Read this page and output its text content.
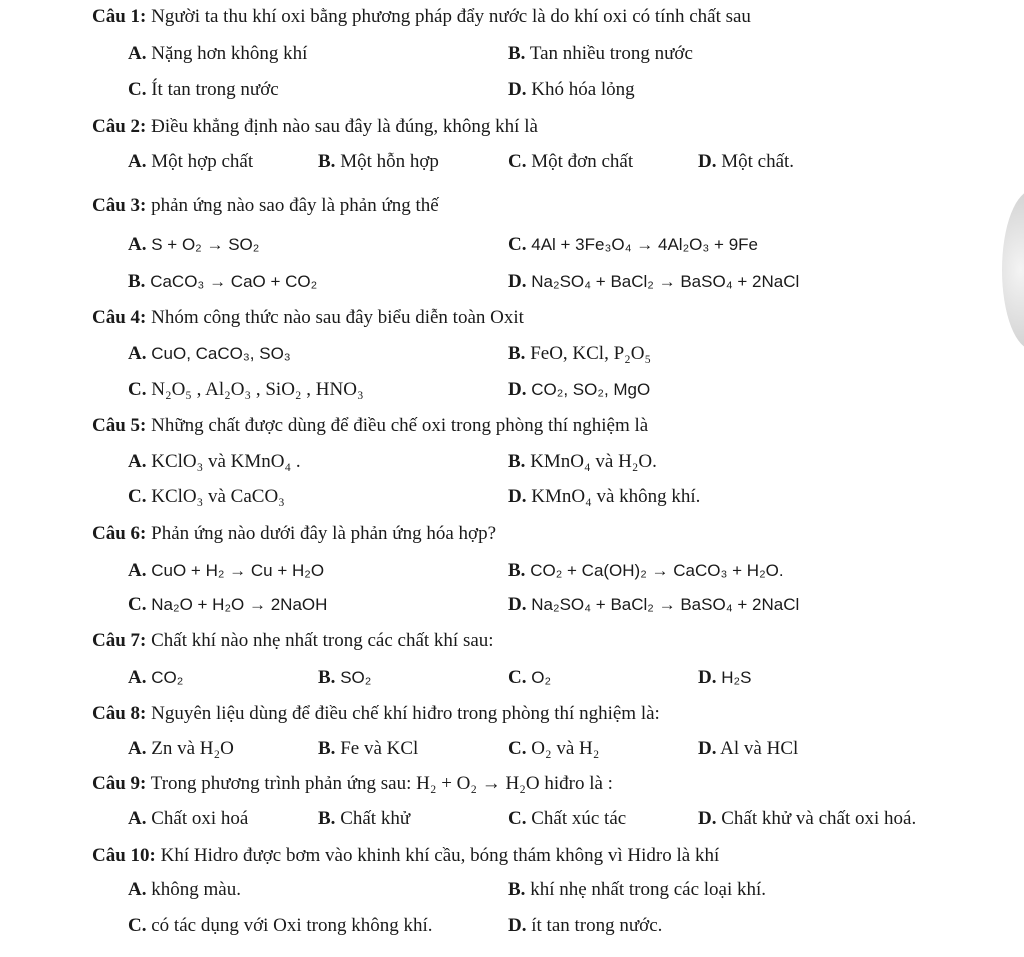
Câu 1: Người ta thu khí oxi bằng phương pháp đẩy nước là do khí oxi có tính chất sau
A. Nặng hơn không khí	B. Tan nhiều trong nước
C. Ít tan trong nước	D. Khó hóa lỏng
Câu 2: Điều khẳng định nào sau đây là đúng, không khí là
A. Một hợp chất	B. Một hỗn hợp	C. Một đơn chất	D. Một chất.
Câu 3: phản ứng nào sao đây là phản ứng thế
A. S + O₂ → SO₂	C. 4Al + 3Fe₃O₄ → 4Al₂O₃ + 9Fe
B. CaCO₃ → CaO + CO₂	D. Na₂SO₄ + BaCl₂ → BaSO₄ + 2NaCl
Câu 4: Nhóm công thức nào sau đây biểu diễn toàn Oxit
A. CuO, CaCO₃, SO₃	B. FeO, KCl, P₂O₅
C. N₂O₅ , Al₂O₃ , SiO₂ , HNO₃	D. CO₂, SO₂, MgO
Câu 5: Những chất được dùng để điều chế oxi trong phòng thí nghiệm là
A. KClO₃ và KMnO₄ .	B. KMnO₄ và H₂O.
C. KClO₃ và CaCO₃	D. KMnO₄ và không khí.
Câu 6: Phản ứng nào dưới đây là phản ứng hóa hợp?
A. CuO + H₂ → Cu + H₂O	B. CO₂ + Ca(OH)₂ → CaCO₃ + H₂O.
C. Na₂O + H₂O → 2NaOH	D. Na₂SO₄ + BaCl₂ → BaSO₄ + 2NaCl
Câu 7: Chất khí nào nhẹ nhất trong các chất khí sau:
A. CO₂	B. SO₂	C. O₂	D. H₂S
Câu 8: Nguyên liệu dùng để điều chế khí hiđro trong phòng thí nghiệm là:
A. Zn và H₂O	B. Fe và KCl	C. O₂ và H₂	D. Al và HCl
Câu 9: Trong phương trình phản ứng sau: H₂ + O₂ → H₂O hiđro là :
A. Chất oxi hoá	B. Chất khử	C. Chất xúc tác	D. Chất khử và chất oxi hoá.
Câu 10: Khí Hidro được bơm vào khinh khí cầu, bóng thám không vì Hidro là khí
A. không màu.	B. khí nhẹ nhất trong các loại khí.
C. có tác dụng với Oxi trong không khí.	D. ít tan trong nước.
